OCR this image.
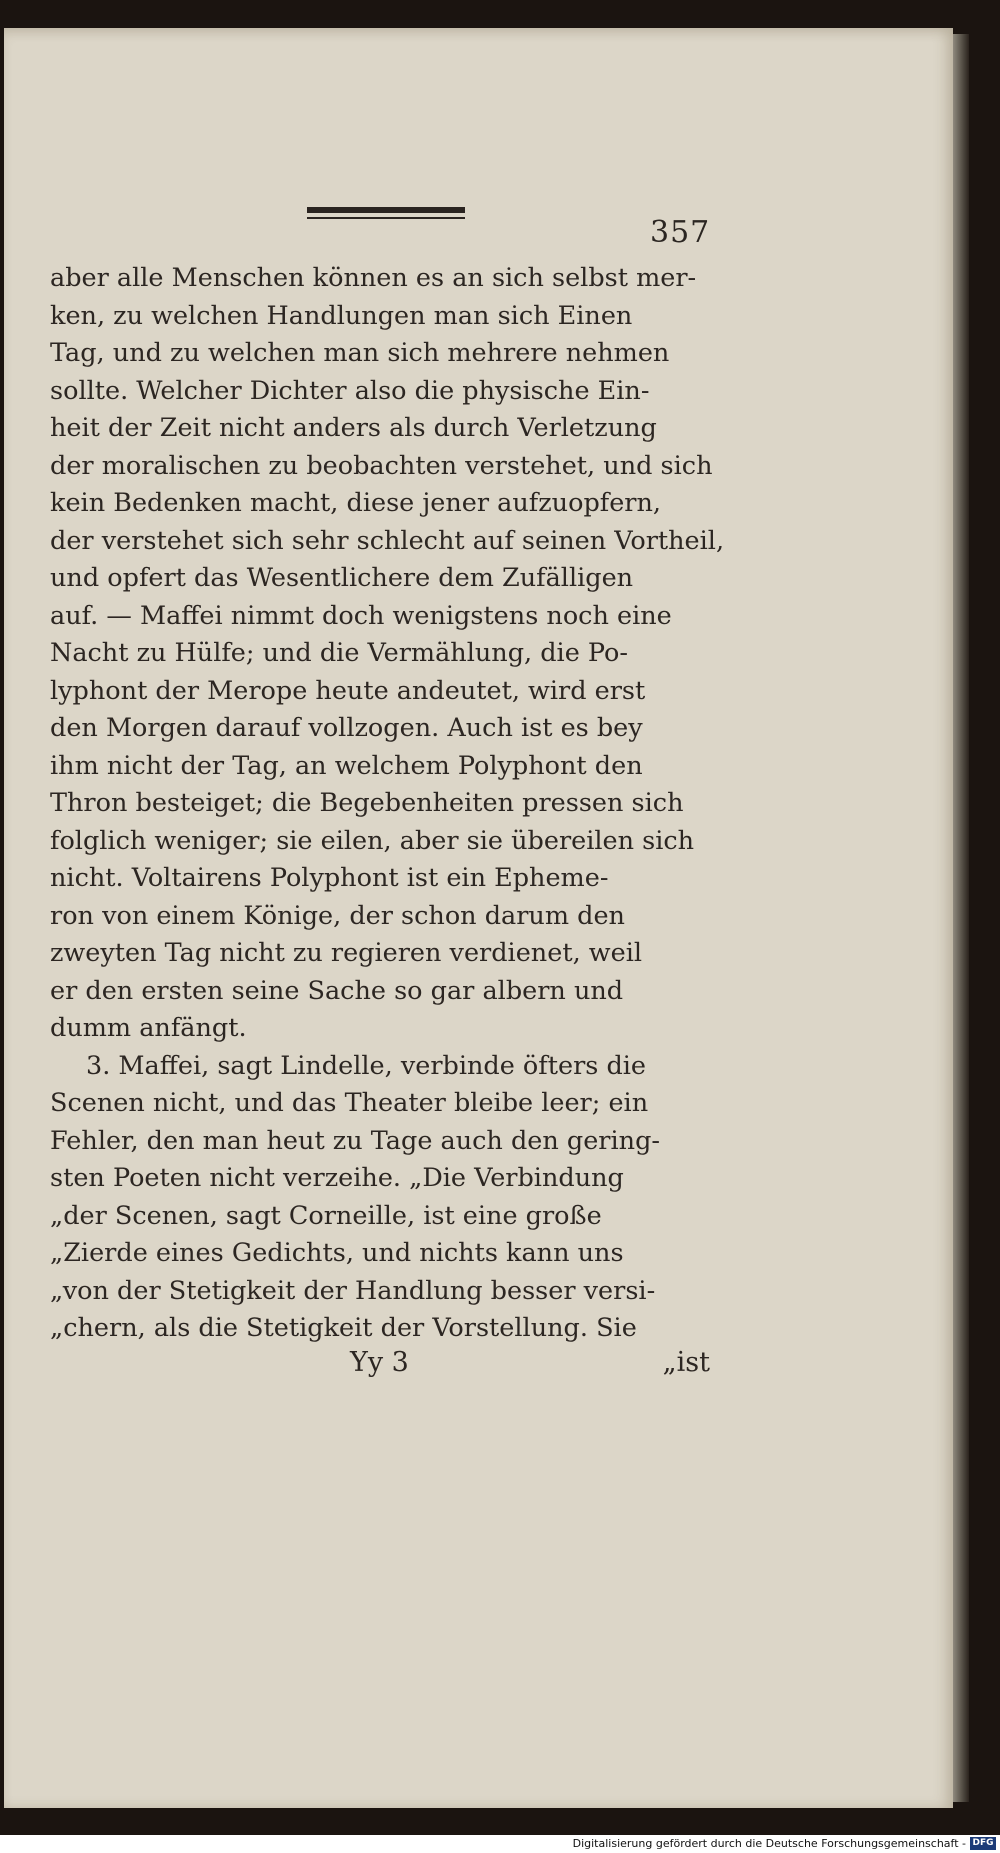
357
aber alle Menschen können es an sich selbst mer-
ken, zu welchen Handlungen man sich Einen
Tag, und zu welchen man sich mehrere nehmen
sollte. Welcher Dichter also die physische Ein-
heit der Zeit nicht anders als durch Verletzung
der moralischen zu beobachten verstehet, und sich
kein Bedenken macht, diese jener aufzuopfern,
der verstehet sich sehr schlecht auf seinen Vortheil,
und opfert das Wesentlichere dem Zufälligen
auf. — Maffei nimmt doch wenigstens noch eine
Nacht zu Hülfe; und die Vermählung, die Po-
lyphont der Merope heute andeutet, wird erst
den Morgen darauf vollzogen. Auch ist es bey
ihm nicht der Tag, an welchem Polyphont den
Thron besteiget; die Begebenheiten pressen sich
folglich weniger; sie eilen, aber sie übereilen sich
nicht. Voltairens Polyphont ist ein Epheme-
ron von einem Könige, der schon darum den
zweyten Tag nicht zu regieren verdienet, weil
er den ersten seine Sache so gar albern und
dumm anfängt.
3. Maffei, sagt Lindelle, verbinde öfters die
Scenen nicht, und das Theater bleibe leer; ein
Fehler, den man heut zu Tage auch den gering-
sten Poeten nicht verzeihe. „Die Verbindung
„der Scenen, sagt Corneille, ist eine große
„Zierde eines Gedichts, und nichts kann uns
„von der Stetigkeit der Handlung besser versi-
„chern, als die Stetigkeit der Vorstellung. Sie
Yy 3	„ist
Digitalisierung gefördert durch die Deutsche Forschungsgemeinschaft - DFG
